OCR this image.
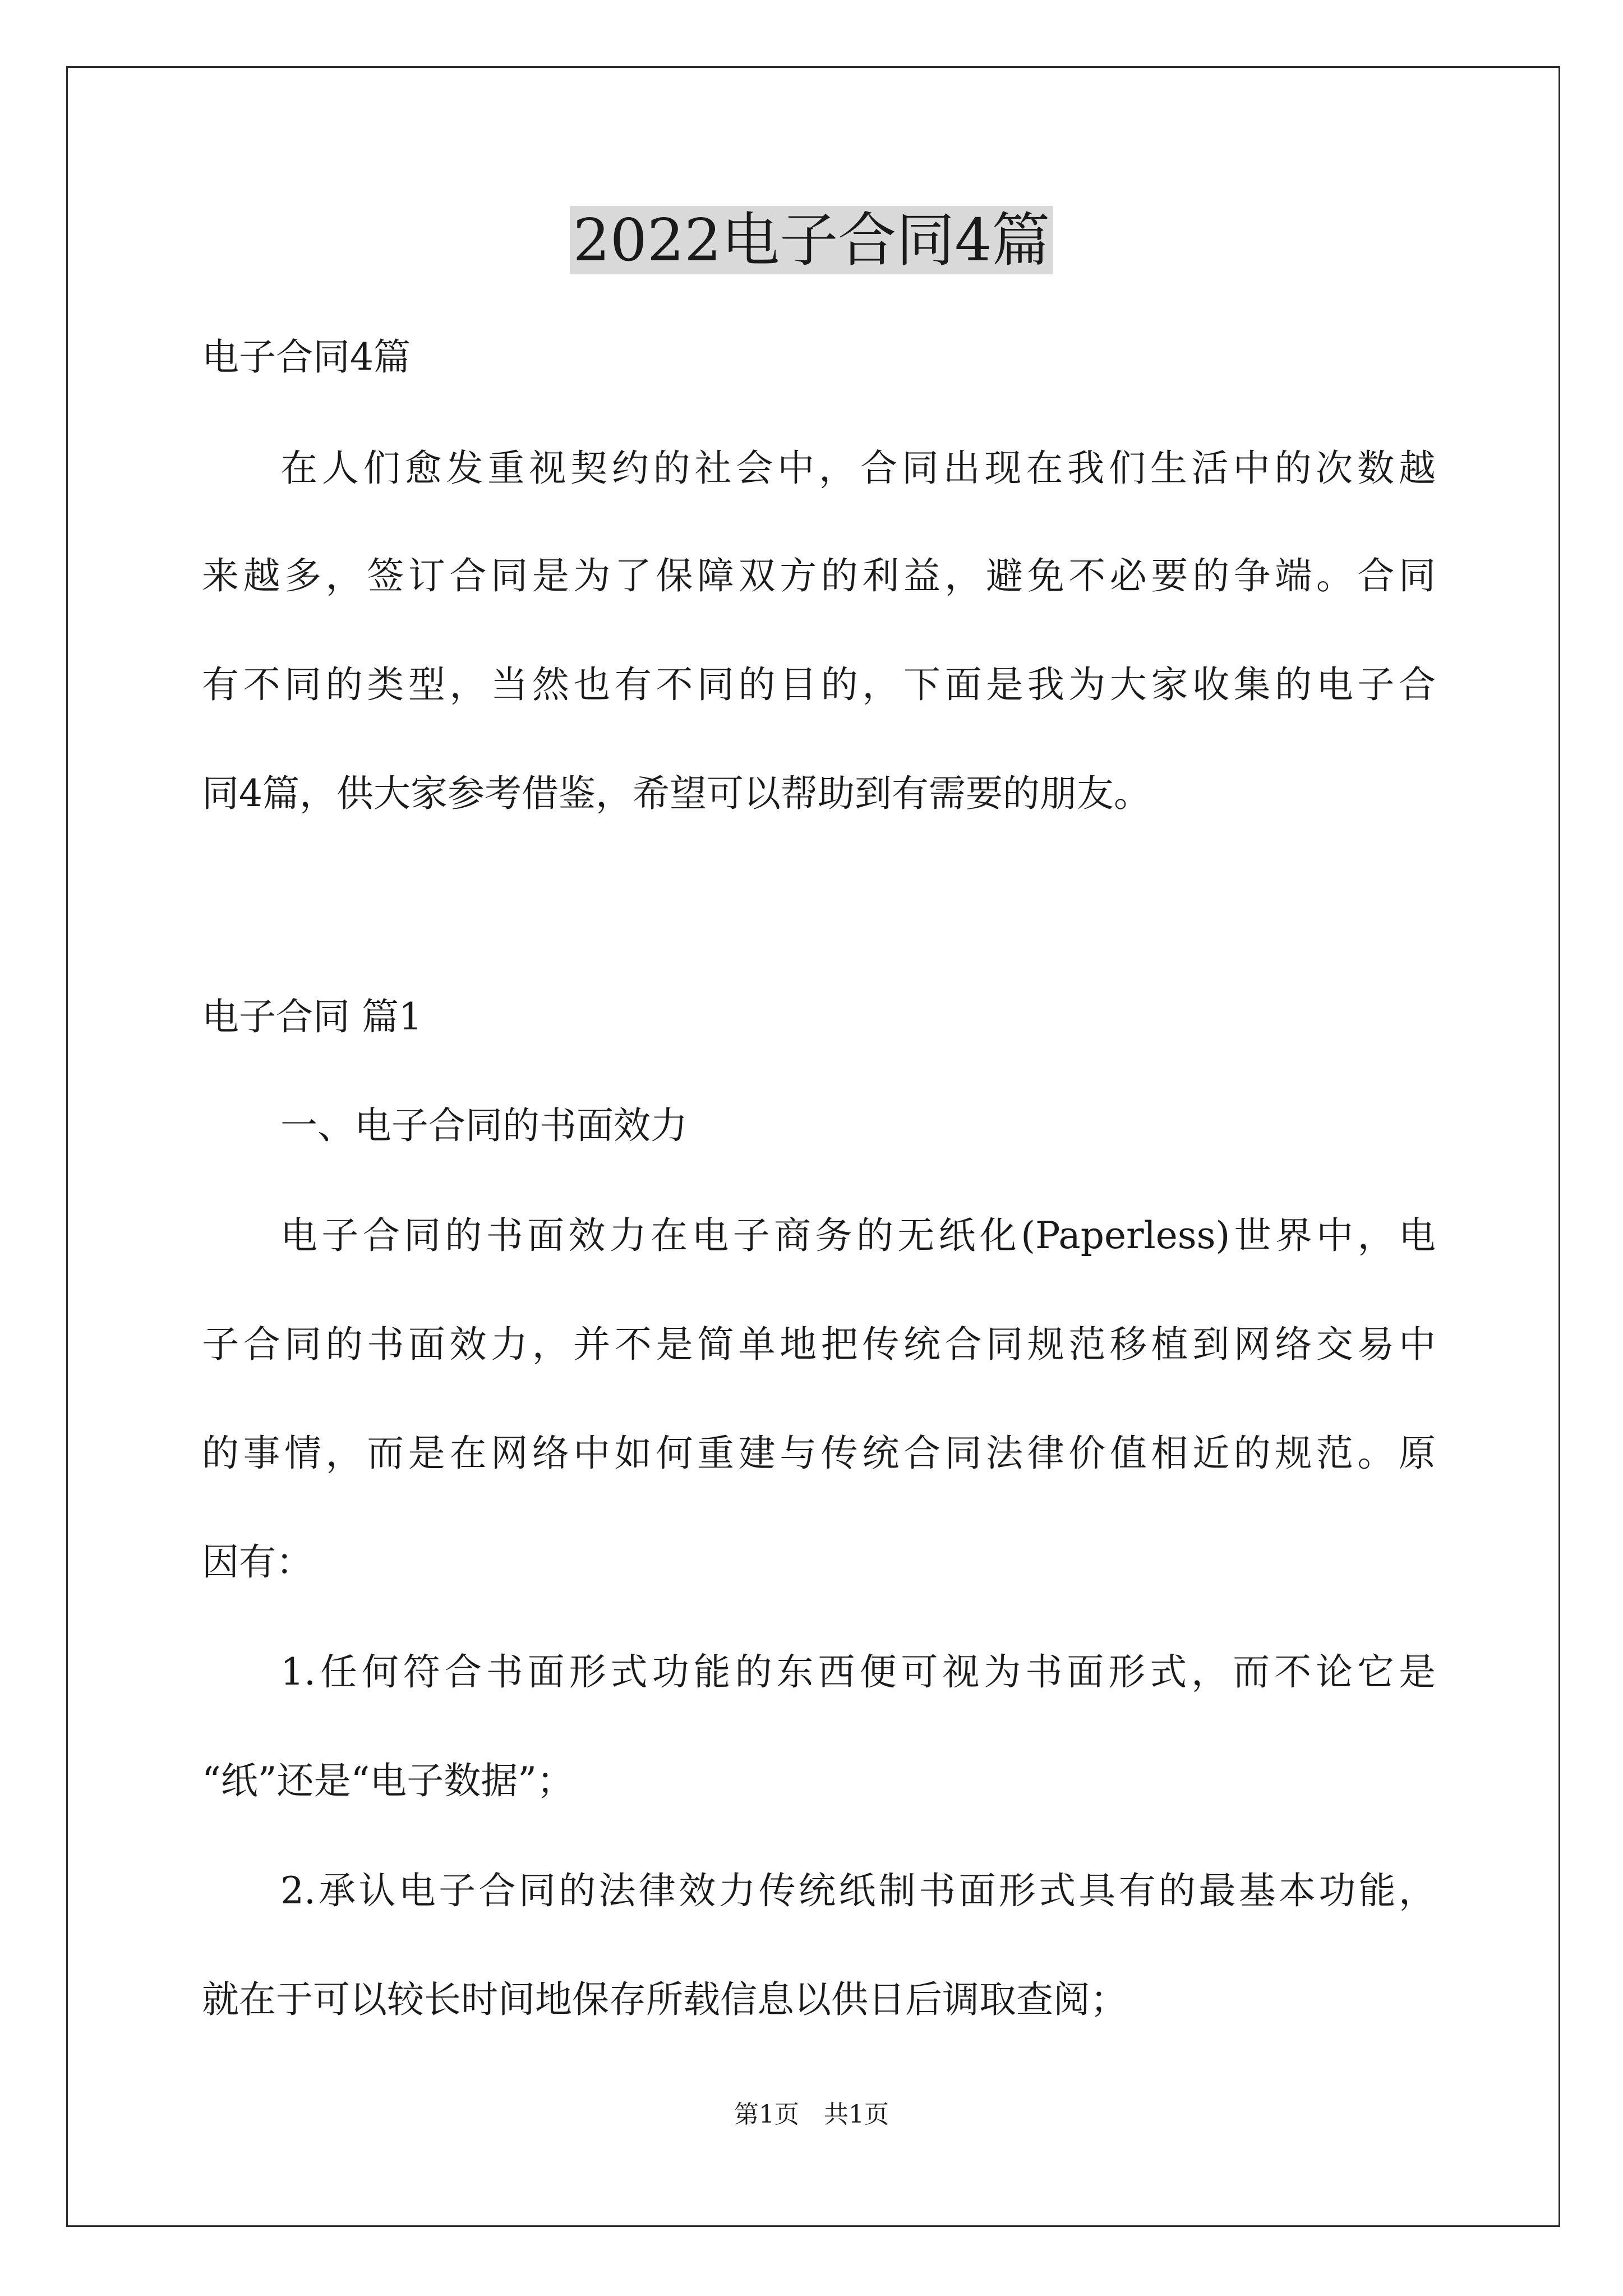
2022电子合同4篇
电子合同4篇
在人们愈发重视契约的社会中，合同出现在我们生活中的次数越
来越多，签订合同是为了保障双方的利益，避免不必要的争端。合同
有不同的类型，当然也有不同的目的，下面是我为大家收集的电子合
同4篇，供大家参考借鉴，希望可以帮助到有需要的朋友。
电子合同 篇1
一、电子合同的书面效力
电子合同的书面效力在电子商务的无纸化(Paperless)世界中，电
子合同的书面效力，并不是简单地把传统合同规范移植到网络交易中
的事情，而是在网络中如何重建与传统合同法律价值相近的规范。原
因有：
1.任何符合书面形式功能的东西便可视为书面形式，而不论它是
“纸”还是“电子数据”；
2.承认电子合同的法律效力传统纸制书面形式具有的最基本功能，
就在于可以较长时间地保存所载信息以供日后调取查阅；
第1页　共1页
